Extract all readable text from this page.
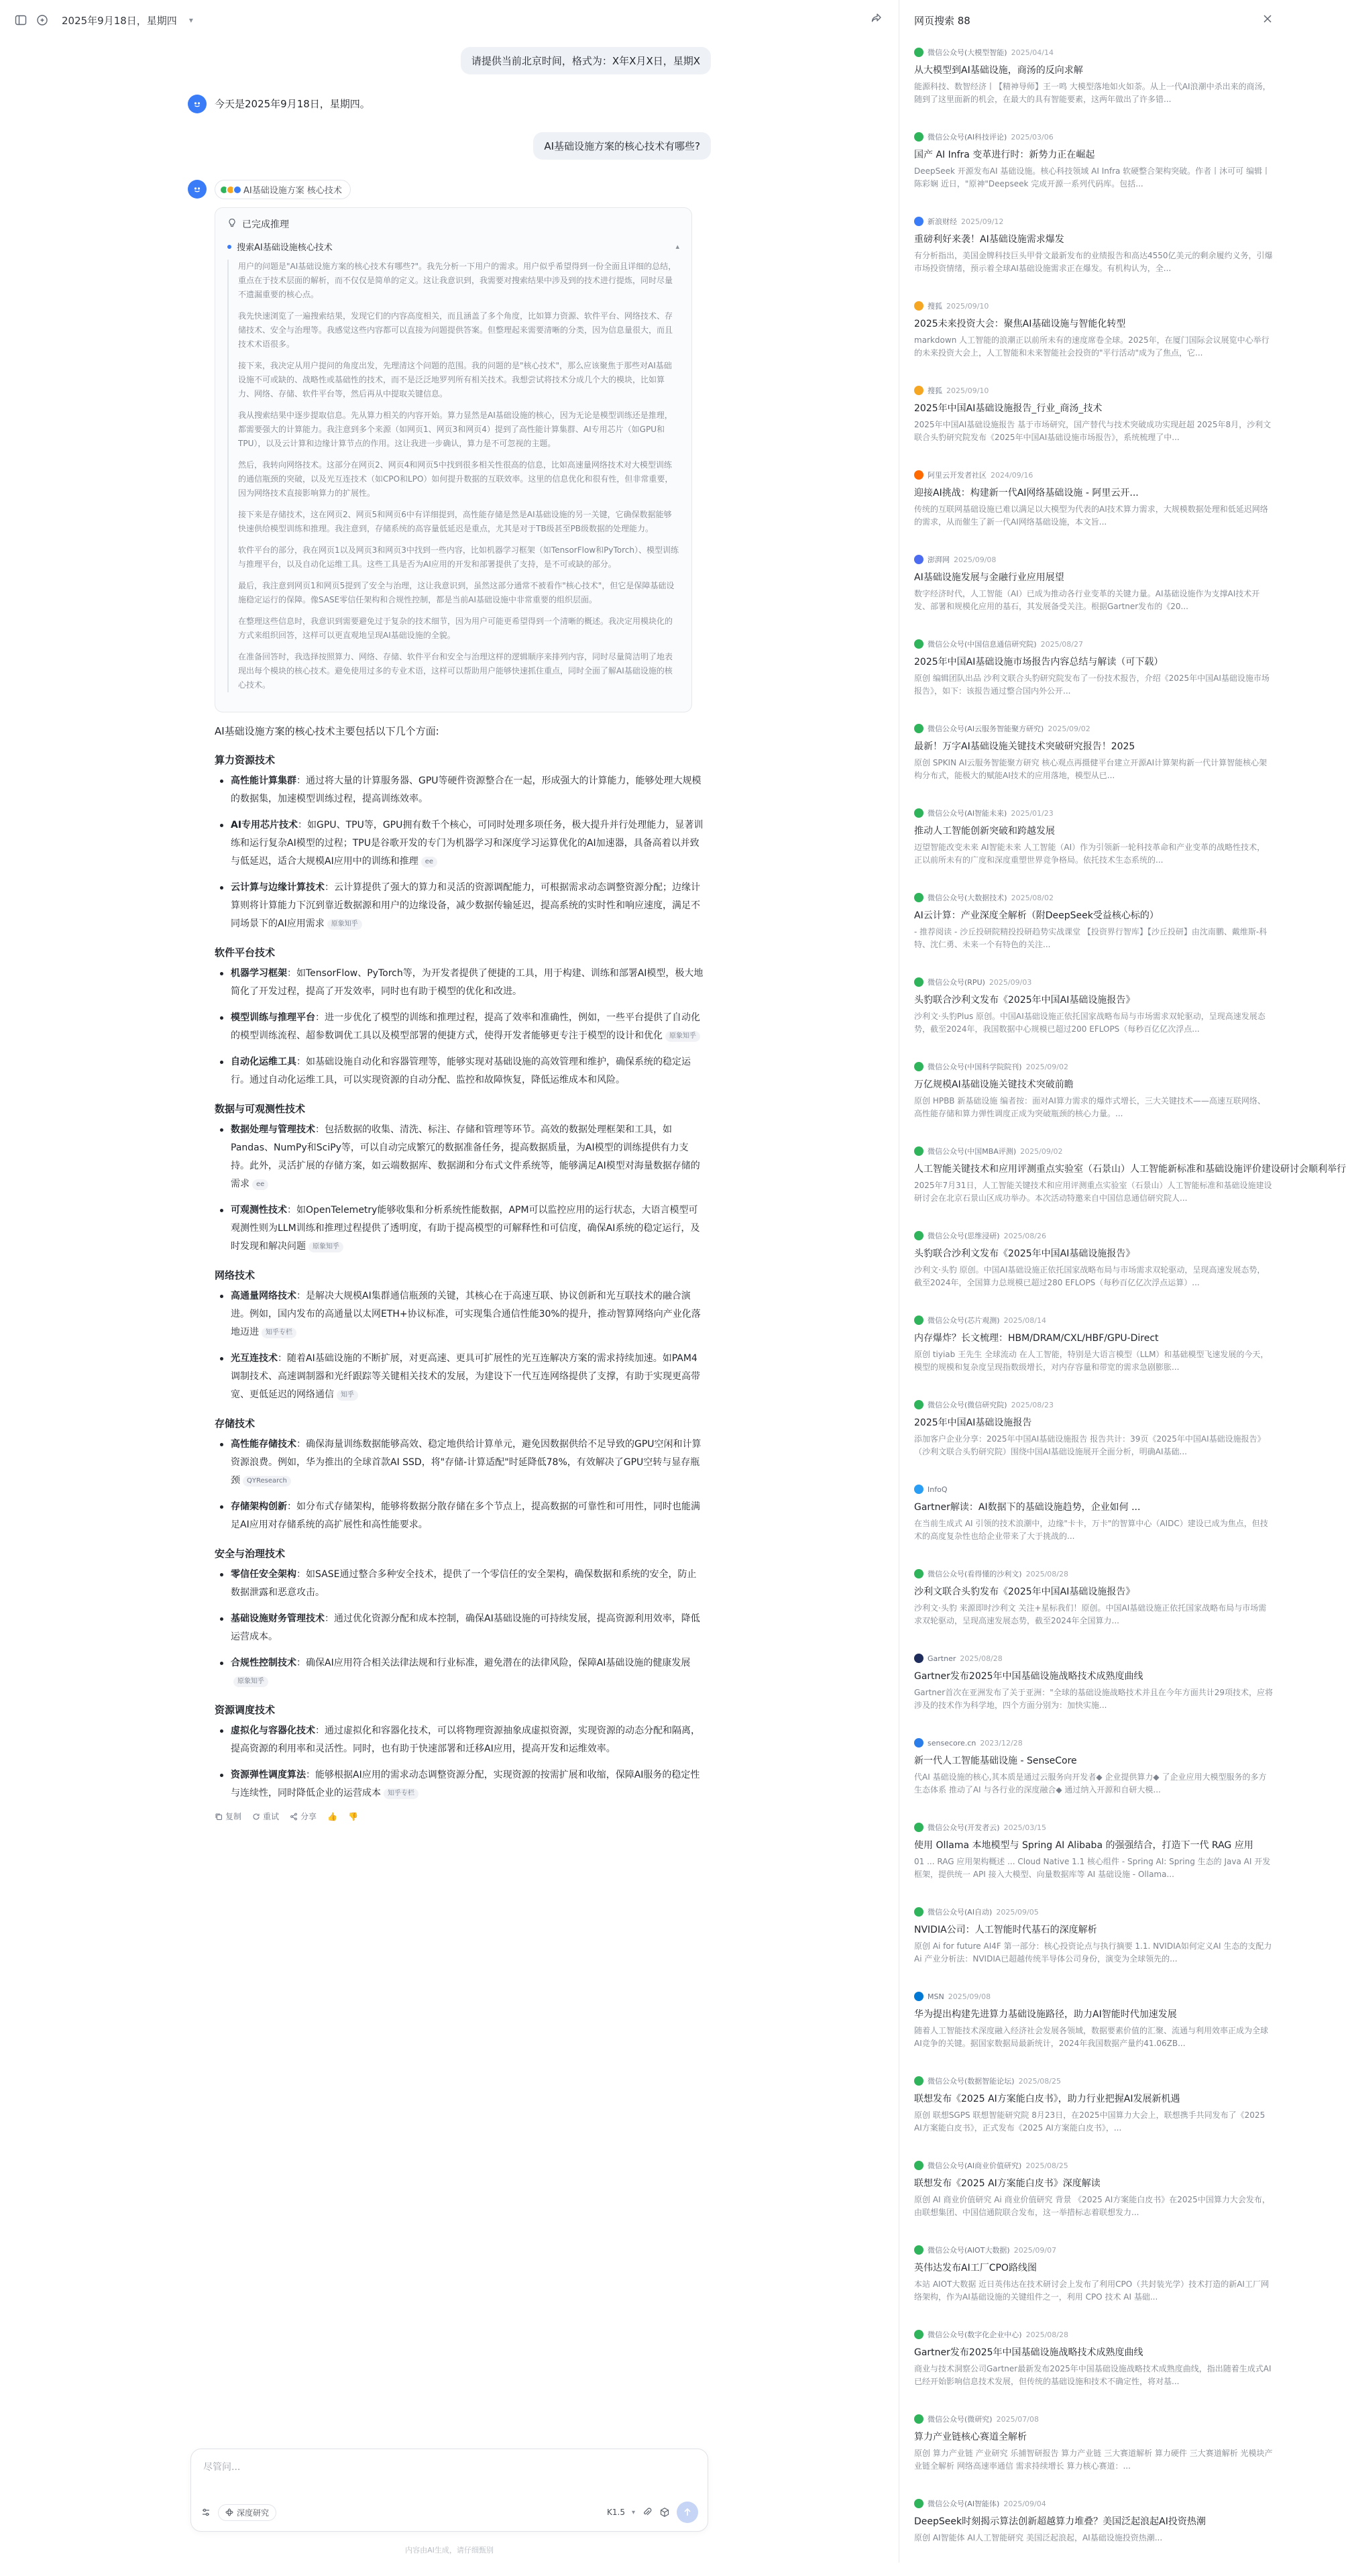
2025年9月18日，星期四 ▾
请提供当前北京时间，格式为：X年X月X日，星期X
今天是2025年9月18日，星期四。
AI基础设施方案的核心技术有哪些?
AI基础设施方案 核心技术
已完成推理
搜索AI基础设施核心技术	▴

用户的问题是"AI基础设施方案的核心技术有哪些?"。我先分析一下用户的需求。用户似乎希望得到一份全面且详细的总结，重点在于技术层面的解析，而不仅仅是简单的定义。这让我意识到，我需要对搜索结果中涉及到的技术进行提炼，同时尽量不遗漏重要的核心点。

我先快速浏览了一遍搜索结果，发现它们的内容高度相关，而且涵盖了多个角度，比如算力资源、软件平台、网络技术、存储技术、安全与治理等。我感觉这些内容都可以直接为问题提供答案。但整理起来需要清晰的分类，因为信息量很大，而且技术术语很多。

接下来，我决定从用户提问的角度出发，先理清这个问题的范围。我的问题的是"核心技术"，那么应该聚焦于那些对AI基础设施不可或缺的、战略性或基础性的技术，而不是泛泛地罗列所有相关技术。我想尝试将技术分成几个大的模块，比如算力、网络、存储、软件平台等，然后再从中提取关键信息。

我从搜索结果中逐步提取信息。先从算力相关的内容开始。算力显然是AI基础设施的核心，因为无论是模型训练还是推理，都需要强大的计算能力。我注意到多个来源（如网页1、网页3和网页4）提到了高性能计算集群、AI专用芯片（如GPU和TPU），以及云计算和边缘计算节点的作用。这让我进一步确认，算力是不可忽视的主题。

然后，我转向网络技术。这部分在网页2、网页4和网页5中找到很多相关性很高的信息，比如高速量网络技术对大模型训练的通信瓶颈的突破，以及光互连技术（如CPO和LPO）如何提升数据的互联效率。这里的信息优化和很有性，但非常重要，因为网络技术直接影响算力的扩展性。

接下来是存储技术，这在网页2、网页5和网页6中有详细提到，高性能存储是然是AI基础设施的另一关键，它确保数据能够快速供给模型训练和推理。我注意到，存储系统的高容量低延迟是重点，尤其是对于TB级甚至PB级数据的处理能力。

软件平台的部分，我在网页1以及网页3和网页3中找到一些内容，比如机器学习框架（如TensorFlow和PyTorch）、模型训练与推理平台，以及自动化运维工具。这些工具是否为AI应用的开发和部署提供了支持，是不可或缺的部分。

最后，我注意到网页1和网页5提到了安全与治理，这让我意识到，虽然这部分通常不被看作"核心技术"，但它是保障基础设施稳定运行的保障。像SASE零信任架构和合规性控制，都是当前AI基础设施中非常重要的组织层面。

在整理这些信息时，我意识到需要避免过于复杂的技术细节，因为用户可能更希望得到一个清晰的概述。我决定用模块化的方式来组织回答，这样可以更直观地呈现AI基础设施的全貌。

在准备回答时，我选择按照算力、网络、存储、软件平台和安全与治理这样的逻辑顺序来排列内容，同时尽量简洁明了地表现出每个模块的核心技术。避免使用过多的专业术语，这样可以帮助用户能够快速抓住重点，同时全面了解AI基础设施的核心技术。

AI基础设施方案的核心技术主要包括以下几个方面:
算力资源技术
高性能计算集群：通过将大量的计算服务器、GPU等硬件资源整合在一起，形成强大的计算能力，能够处理大规模的数据集，加速模型训练过程，提高训练效率。
AI专用芯片技术：如GPU、TPU等，GPU拥有数千个核心，可同时处理多项任务，极大提升并行处理能力，显著训练和运行复杂AI模型的过程；TPU是谷歌开发的专门为机器学习和深度学习运算优化的AI加速器，具备高着以并致与低延迟，适合大规模AI应用中的训练和推理 ee
云计算与边缘计算技术：云计算提供了强大的算力和灵活的资源调配能力，可根据需求动态调整资源分配；边缘计算则将计算能力下沉到靠近数据源和用户的边缘设备，减少数据传输延迟，提高系统的实时性和响应速度，满足不同场景下的AI应用需求 原象知乎
软件平台技术
机器学习框架：如TensorFlow、PyTorch等，为开发者提供了便捷的工具，用于构建、训练和部署AI模型，极大地简化了开发过程，提高了开发效率，同时也有助于模型的优化和改进。
模型训练与推理平台：进一步优化了模型的训练和推理过程，提高了效率和准确性，例如，一些平台提供了自动化的模型训练流程、超参数调优工具以及模型部署的便捷方式，使得开发者能够更专注于模型的设计和优化 原象知乎
自动化运维工具：如基础设施自动化和容器管理等，能够实现对基础设施的高效管理和维护，确保系统的稳定运行。通过自动化运维工具，可以实现资源的自动分配、监控和故障恢复，降低运维成本和风险。
数据与可观测性技术
数据处理与管理技术：包括数据的收集、清洗、标注、存储和管理等环节。高效的数据处理框架和工具，如Pandas、NumPy和SciPy等，可以自动完成繁冗的数据准备任务，提高数据质量，为AI模型的训练提供有力支持。此外，灵活扩展的存储方案，如云端数据库、数据湖和分布式文件系统等，能够满足AI模型对海量数据存储的需求 ee
可观测性技术：如OpenTelemetry能够收集和分析系统性能数据，APM可以监控应用的运行状态，大语言模型可观测性则为LLM训练和推理过程提供了透明度，有助于提高模型的可解释性和可信度，确保AI系统的稳定运行，及时发现和解决问题 原象知乎
网络技术
高通量网络技术：是解决大规模AI集群通信瓶颈的关键，其核心在于高速互联、协议创新和光互联技术的融合演进。例如，国内发布的高通量以太网ETH+协议标准，可实现集合通信性能30%的提升，推动智算网络向产业化落地迈进 知乎专栏
光互连技术：随着AI基础设施的不断扩展，对更高速、更具可扩展性的光互连解决方案的需求持续加速。如PAM4调制技术、高速调制器和光纤跟踪等关键相关技术的发展，为建设下一代互连网络提供了支撑，有助于实现更高带宽、更低延迟的网络通信 知乎
存储技术
高性能存储技术：确保海量训练数据能够高效、稳定地供给计算单元，避免因数据供给不足导致的GPU空闲和计算资源浪费。例如，华为推出的全球首款AI SSD，将"存储-计算适配"时延降低78%，有效解决了GPU空转与显存瓶颈 QYResearch
存储架构创新：如分布式存储架构，能够将数据分散存储在多个节点上，提高数据的可靠性和可用性，同时也能满足AI应用对存储系统的高扩展性和高性能要求。
安全与治理技术
零信任安全架构：如SASE通过整合多种安全技术，提供了一个零信任的安全架构，确保数据和系统的安全，防止数据泄露和恶意攻击。
基础设施财务管理技术：通过优化资源分配和成本控制，确保AI基础设施的可持续发展，提高资源利用效率，降低运营成本。
合规性控制技术：确保AI应用符合相关法律法规和行业标准，避免潜在的法律风险，保障AI基础设施的健康发展原象知乎
资源调度技术
虚拟化与容器化技术：通过虚拟化和容器化技术，可以将物理资源抽象成虚拟资源，实现资源的动态分配和隔离，提高资源的利用率和灵活性。同时，也有助于快速部署和迁移AI应用，提高开发和运维效率。
资源弹性调度算法：能够根据AI应用的需求动态调整资源分配，实现资源的按需扩展和收缩，保障AI服务的稳定性与连续性，同时降低企业的运营成本 知乎专栏
复制	重试	分享 👍 👎
尽管问...
深度研究	K1.5 ▾
内容由AI生成，请仔细甄别
网页搜索 88
微信公众号(大模型智能) 2025/04/14
从大模型到AI基础设施，商汤的反向求解
能源科技、数智经济丨【精神导师】王一鸣 大模型落地如火如荼。从上一代AI浪潮中杀出来的商汤，随到了这里面新的机会，在最大的具有智能要素，这两年做出了许多错...
微信公众号(AI科技评论) 2025/03/06
国产 AI Infra 变革进行时：新势力正在崛起
DeepSeek 开源发布AI 基础设施。核心科技领域 AI Infra 软硬整合架构突破。作者丨沐可可 编辑丨陈彩娴 近日，"原神"Deepseek 完成开源一系列代码库。包括...
新浪财经 2025/09/12
重磅利好来袭！AI基础设施需求爆发
有分析指出，美国金牌科技巨头甲骨文最新发布的业绩报告和高达4550亿美元的剩余履约义务，引爆市场投资情绪，预示着全球AI基础设施需求正在爆发。有机构认为，全...
搜狐 2025/09/10
2025未来投资大会：聚焦AI基础设施与智能化转型
markdown 人工智能的浪潮正以前所未有的速度席卷全球。2025年，在厦门国际会议展览中心举行的未来投资大会上，人工智能和未来智能社会投资的"平行活动"成为了焦点，它...
搜狐 2025/09/10
2025年中国AI基础设施报告_行业_商汤_技术
2025年中国AI基础设施报告 基于市场研究，国产替代与技术突破成功实现赶超 2025年8月，沙利文联合头豹研究院发布《2025年中国AI基础设施市场报告》，系统梳理了中...
阿里云开发者社区 2024/09/16
迎接AI挑战：构建新一代AI网络基础设施 - 阿里云开...
传统的互联网基础设施已难以满足以大模型为代表的AI技术算力需求，大规模数据处理和低延迟网络的需求，从而催生了新一代AI网络基础设施，本文旨...
澎湃网 2025/09/08
AI基础设施发展与金融行业应用展望
数字经济时代，人工智能（AI）已成为推动各行业变革的关键力量。AI基础设施作为支撑AI技术开发、部署和规模化应用的基石，其发展备受关注。根据Gartner发布的《20...
微信公众号(中国信息通信研究院) 2025/08/27
2025年中国AI基础设施市场报告内容总结与解读（可下载）
原创 编辑团队出品 沙利文联合头豹研究院发布了一份技术报告，介绍《2025年中国AI基础设施市场报告》，如下：该报告通过整合国内外公开...
微信公众号(AI云服务智能聚方研究) 2025/09/02
最新！万字AI基础设施关键技术突破研究报告！2025
原创 SPKIN AI云服务智能聚方研究 核心观点再摄健平台建立开源AI计算架构新一代计算智能核心架构分布式，能极大的赋能AI技术的应用落地，模型从已...
微信公众号(AI智能未来) 2025/01/23
推动人工智能创新突破和跨越发展
迈望智能改变未来 AI智能未来 人工智能（AI）作为引领新一轮科技革命和产业变革的战略性技术，正以前所未有的广度和深度重塑世界竞争格局。依托技术生态系统的...
微信公众号(大数据技术) 2025/08/02
AI云计算：产业深度全解析（附DeepSeek受益核心标的）
- 推荐阅读 - 沙丘投研院精投投研趋势实战课堂 【投资界行智库】【沙丘投研】由沈南鹏、戴维斯-科特、沈仁勇、未来一个有特色的关注...
微信公众号(RPU) 2025/09/03
头豹联合沙利文发布《2025年中国AI基础设施报告》
沙利文·头豹Plus 原创。中国AI基础设施正依托国家战略布局与市场需求双轮驱动，呈现高速发展态势，截至2024年，我国数据中心规模已超过200 EFLOPS（每秒百亿亿次浮点...
微信公众号(中国科学院院刊) 2025/09/02
万亿规模AI基础设施关键技术突破前瞻
原创 HPBB 新基础设施 编者按：面对AI算力需求的爆炸式增长，三大关键技术——高速互联网络、高性能存储和算力弹性调度正成为突破瓶颈的核心力量。...
微信公众号(中国MBA评测) 2025/09/02
人工智能关键技术和应用评测重点实验室（石景山）人工智能新标准和基础设施评价建设研讨会顺利举行
2025年7月31日，人工智能关键技术和应用评测重点实验室（石景山）人工智能标准和基础设施建设研讨会在北京石景山区成功举办。本次活动特邀来自中国信息通信研究院人...
微信公众号(思维浸研) 2025/08/26
头豹联合沙利文发布《2025年中国AI基础设施报告》
沙利文·头豹 原创。中国AI基础设施正依托国家战略布局与市场需求双轮驱动，呈现高速发展态势，截至2024年，全国算力总规模已超过280 EFLOPS（每秒百亿亿次浮点运算）...
微信公众号(芯片观测) 2025/08/14
内存爆炸？长文梳理：HBM/DRAM/CXL/HBF/GPU-Direct
原创 tiyiab 王先生 全球流动 在人工智能，特别是大语言模型（LLM）和基础模型飞速发展的今天，模型的规模和复杂度呈现指数级增长，对内存容量和带宽的需求急剧膨胀...
微信公众号(微信研究院) 2025/08/23
2025年中国AI基础设施报告
添加客户企业分享：2025年中国AI基础设施报告 报告共计：39页《2025年中国AI基础设施报告》（沙利文联合头豹研究院）围绕中国AI基础设施展开全面分析，明确AI基础...
InfoQ
Gartner解读：AI数据下的基础设施趋势，企业如何 ...
在当前生成式 AI 引领的技术浪潮中，边缘"卡卡，万卡"的智算中心（AIDC）建设已成为焦点，但技术的高度复杂性也给企业带来了大于挑战的...
微信公众号(看得懂的沙利文) 2025/08/28
沙利文联合头豹发布《2025年中国AI基础设施报告》
沙利文·头豹 来源即时沙利文 关注+星标我们！原创。中国AI基础设施正依托国家战略布局与市场需求双轮驱动，呈现高速发展态势，截至2024年全国算力...
Gartner 2025/08/28
Gartner发布2025年中国基础设施战略技术成熟度曲线
Gartner首次在亚洲发布了关于亚洲："全球的基础设施战略技术并且在今年方面共计29项技术，应将涉及的技术作为科学地，四个方面分别为：加快实施...
sensecore.cn 2023/12/28
新一代人工智能基础设施 - SenseCore
代AI 基础设施的核心,其本质是通过云服务向开发者◆ 企业提供算力◆ 了企业应用大模型服务的多方生态体系 推动了AI 与各行业的深度融合◆ 通过纳入开源和自研大模...
微信公众号(开发者云) 2025/03/15
使用 Ollama 本地模型与 Spring AI Alibaba 的强强结合，打造下一代 RAG 应用
01 ... RAG 应用架构概述 ... Cloud Native 1.1 核心组件 - Spring AI: Spring 生态的 Java AI 开发框架，提供统一 API 接入大模型、向量数据库等 AI 基础设施 - Ollama...
微信公众号(AI自动) 2025/09/05
NVIDIA公司：人工智能时代基石的深度解析
原创 Ai for future AI4F 第一部分：核心投资论点与执行摘要 1.1. NVIDIA如何定义AI 生态的支配力 Ai 产业分析法：NVIDIA已超越传统半导体公司身份，演变为全球领先的...
MSN 2025/09/08
华为提出构建先进算力基础设施路径，助力AI智能时代加速发展
随着人工智能技术深度融入经济社会发展各领域，数据要素价值的汇聚、流通与利用效率正成为全球AI竞争的关键。据国家数据局最新统计，2024年我国数据产量约41.06ZB...
微信公众号(数据智能论坛) 2025/08/25
联想发布《2025 AI方案能白皮书》，助力行业把握AI发展新机遇
原创 联想SGPS 联想智能研究院 8月23日，在2025中国算力大会上，联想携手共同发布了《2025 AI方案能白皮书》，正式发布《2025 AI方案能白皮书》，...
微信公众号(AI商业价值研究) 2025/08/25
联想发布《2025 AI方案能白皮书》深度解读
原创 AI 商业价值研究 Ai 商业价值研究 背景 《2025 AI方案能白皮书》在2025中国算力大会发布，由联想集团、中国信通院联合发布，这一举措标志着联想发力...
微信公众号(AIOT大数据) 2025/09/07
英伟达发布AI工厂CPO路线图
本站 AIOT大数据 近日英伟达在技术研讨会上发布了利用CPO（共封装光学）技术打造的新AI工厂网络架构，作为AI基础设施的关键组件之一，利用 CPO 技术 AI 基础...
微信公众号(数字化企业中心) 2025/08/28
Gartner发布2025年中国基础设施战略技术成熟度曲线
商业与技术洞察公司Gartner最新发布2025年中国基础设施战略技术成熟度曲线，指出随着生成式AI已经开始影响信息技术发展，但传统的基础设施和技术不确定性，将对基...
微信公众号(微研究) 2025/07/08
算力产业链核心赛道全解析
原创 算力产业链 产业研究 乐捕智研报告 算力产业链 三大赛道解析 算力硬件 三大赛道解析 光模块产业链全解析 网络高速率通信 需求持续增长 算力核心赛道：...
微信公众号(AI智能体) 2025/09/04
DeepSeek时刻揭示算法创新超越算力堆叠？美国泛起浪起AI投资热潮
原创 AI智能体 AI人工智能研究 美国泛起浪起，AI基础设施投资热潮...
